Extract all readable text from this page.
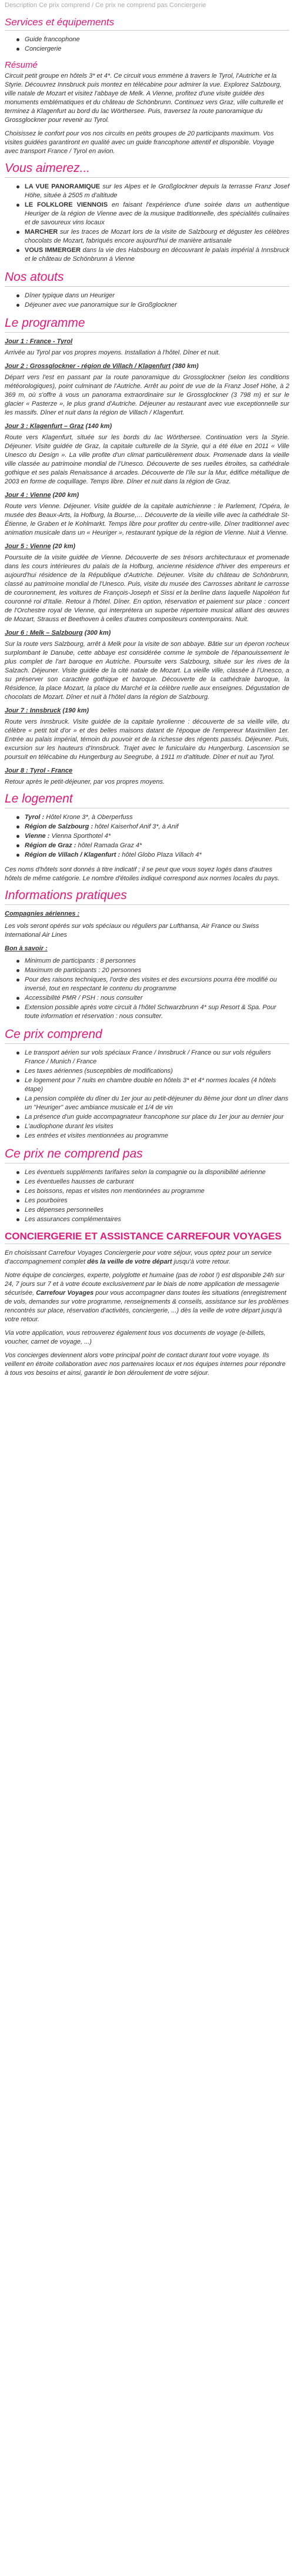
Description Ce prix comprend / Ce prix ne comprend pas Conciergerie
Services et équipements
Guide francophone
Conciergerie
Résumé

Circuit petit groupe en hôtels 3* et 4*. Ce circuit vous emmène à travers le Tyrol, l'Autriche et la Styrie. Découvrez Innsbruck puis montez en télécabine pour admirer la vue. Explorez Salzbourg, ville natale de Mozart et visitez l'abbaye de Melk. A Vienne, profitez d'une visite guidée des monuments emblématiques et du château de Schönbrunn. Continuez vers Graz, ville culturelle et terminez à Klagenfurt au bord du lac Wörthersee. Puis, traversez la route panoramique du Grossglockner pour revenir au Tyrol.

Choisissez le confort pour vos nos circuits en petits groupes de 20 participants maximum. Vos visites guidées garantiront en qualité avec un guide francophone attentif et disponible. Voyage avec transport France / Tyrol en avion.

Vous aimerez...
LA VUE PANORAMIQUE sur les Alpes et le Großglockner depuis la terrasse Franz Josef Höhe, située à 2505 m d'altitude
LE FOLKLORE VIENNOIS en faisant l'expérience d'une soirée dans un authentique Heuriger de la région de Vienne avec de la musique traditionnelle, des spécialités culinaires et de savoureux vins locaux
MARCHER sur les traces de Mozart lors de la visite de Salzbourg et déguster les célèbres chocolats de Mozart, fabriqués encore aujourd'hui de manière artisanale
VOUS IMMERGER dans la vie des Habsbourg en découvrant le palais impérial à Innsbruck et le château de Schönbrunn à Vienne
Nos atouts
Dîner typique dans un Heuriger
Déjeuner avec vue panoramique sur le Großglockner
Le programme
Jour 1 : France - Tyrol

Arrivée au Tyrol par vos propres moyens. Installation à l'hôtel. Dîner et nuit.

Jour 2 : Grossglockner - région de Villach / Klagenfurt (380 km)

Départ vers l'est en passant par la route panoramique du Grossglockner (selon les conditions météorologiques), point culminant de l'Autriche. Arrêt au point de vue de la Franz Josef Höhe, à 2 369 m, où s'offre à vous un panorama extraordinaire sur le Grossglockner (3 798 m) et sur le glacier « Pasterze », le plus grand d'Autriche. Déjeuner au restaurant avec vue exceptionnelle sur les massifs. Dîner et nuit dans la région de Villach / Klagenfurt.

Jour 3 : Klagenfurt – Graz (140 km)

Route vers Klagenfurt, située sur les bords du lac Wörthersee. Continuation vers la Styrie. Déjeuner. Visite guidée de Graz, la capitale culturelle de la Styrie, qui a été élue en 2011 « Ville Unesco du Design ». La ville profite d'un climat particulièrement doux. Promenade dans la vieille ville classée au patrimoine mondial de l'Unesco. Découverte de ses ruelles étroites, sa cathédrale gothique et ses palais Renaissance à arcades. Découverte de l'île sur la Mur, édifice métallique de 2003 en forme de coquillage. Temps libre. Dîner et nuit dans la région de Graz.

Jour 4 : Vienne (200 km)

Route vers Vienne. Déjeuner. Visite guidée de la capitale autrichienne : le Parlement, l'Opéra, le musée des Beaux-Arts, la Hofburg, la Bourse,… Découverte de la vieille ville avec la cathédrale St-Étienne, le Graben et le Kohlmarkt. Temps libre pour profiter du centre-ville. Dîner traditionnel avec animation musicale dans un « Heuriger », restaurant typique de la région de Vienne. Nuit à Vienne.

Jour 5 : Vienne (20 km)

Poursuite de la visite guidée de Vienne. Découverte de ses trésors architecturaux et promenade dans les cours intérieures du palais de la Hofburg, ancienne résidence d'hiver des empereurs et aujourd'hui résidence de la République d'Autriche. Déjeuner. Visite du château de Schönbrunn, classé au patrimoine mondial de l'Unesco. Puis, visite du musée des Carrosses abritant le carrosse de couronnement, les voitures de François-Joseph et Sissi et la berline dans laquelle Napoléon fut couronné roi d'Italie. Retour à l'hôtel. Dîner. En option, réservation et paiement sur place : concert de l'Orchestre royal de Vienne, qui interprétera un superbe répertoire musical alliant des œuvres de Mozart, Strauss et Beethoven à celles d'autres compositeurs contemporains. Nuit.

Jour 6 : Melk – Salzbourg (300 km)

Sur la route vers Salzbourg, arrêt à Melk pour la visite de son abbaye. Bâtie sur un éperon rocheux surplombant le Danube, cette abbaye est considérée comme le symbole de l'épanouissement le plus complet de l'art baroque en Autriche. Poursuite vers Salzbourg, située sur les rives de la Salzach. Déjeuner. Visite guidée de la cité natale de Mozart. La vieille ville, classée à l'Unesco, a su préserver son caractère gothique et baroque. Découverte de la cathédrale baroque, la Résidence, la place Mozart, la place du Marché et la célèbre ruelle aux enseignes. Dégustation de chocolats de Mozart. Dîner et nuit à l'hôtel dans la région de Salzbourg.

Jour 7 : Innsbruck (190 km)

Route vers Innsbruck. Visite guidée de la capitale tyrolienne : découverte de sa vieille ville, du célèbre « petit toit d'or » et des belles maisons datant de l'époque de l'empereur Maximilien 1er. Entrée au palais impérial, témoin du pouvoir et de la richesse des régents passés. Déjeuner. Puis, excursion sur les hauteurs d'Innsbruck. Trajet avec le funiculaire du Hungerburg. Lascension se poursuit en télécabine du Hungerburg au Seegrube, à 1911 m d'altitude. Dîner et nuit au Tyrol.

Jour 8 : Tyrol - France

Retour après le petit-déjeuner, par vos propres moyens.

Le logement
Tyrol : Hôtel Krone 3*, à Oberperfuss
Région de Salzbourg : hôtel Kaiserhof Anif 3*, à Anif
Vienne : Vienna Sporthotel 4*
Région de Graz : hôtel Ramada Graz 4*
Région de Villach / Klagenfurt : hôtel Globo Plaza Villach 4*

Ces noms d'hôtels sont donnés à titre indicatif ; il se peut que vous soyez logés dans d'autres hôtels de même catégorie. Le nombre d'étoiles indiqué correspond aux normes locales du pays.

Informations pratiques
Compagnies aériennes :

Les vols seront opérés sur vols spéciaux ou réguliers par Lufthansa, Air France ou Swiss International Air Lines

Bon à savoir :
Minimum de participants : 8 personnes
Maximum de participants : 20 personnes
Pour des raisons techniques, l'ordre des visites et des excursions pourra être modifié ou inversé, tout en respectant le contenu du programme
Accessibilité PMR / PSH : nous consulter
Extension possible après votre circuit à l'hôtel Schwarzbrunn 4* sup Resort & Spa. Pour toute information et réservation : nous consulter.
Ce prix comprend
Le transport aérien sur vols spéciaux France / Innsbruck / France ou sur vols réguliers France / Munich / France
Les taxes aériennes (susceptibles de modifications)
Le logement pour 7 nuits en chambre double en hôtels 3* et 4* normes locales (4 hôtels étape)
La pension complète du dîner du 1er jour au petit-déjeuner du 8ème jour dont un dîner dans un "Heuriger" avec ambiance musicale et 1/4 de vin
La présence d'un guide accompagnateur francophone sur place du 1er jour au dernier jour
L'audiophone durant les visites
Les entrées et visites mentionnées au programme
Ce prix ne comprend pas
Les éventuels suppléments tarifaires selon la compagnie ou la disponibilité aérienne
Les éventuelles hausses de carburant
Les boissons, repas et visites non mentionnées au programme
Les pourboires
Les dépenses personnelles
Les assurances complémentaires
CONCIERGERIE ET ASSISTANCE CARREFOUR VOYAGES

En choisissant Carrefour Voyages Conciergerie pour votre séjour, vous optez pour un service d'accompagnement complet dès la veille de votre départ jusqu'à votre retour.

Notre équipe de concierges, experte, polyglotte et humaine (pas de robot !) est disponible 24h sur 24, 7 jours sur 7 et à votre écoute exclusivement par le biais de notre application de messagerie sécurisée, Carrefour Voyages pour vous accompagner dans toutes les situations (enregistrement de vols, demandes sur votre programme, renseignements & conseils, assistance sur les problèmes rencontrés sur place, réservation d'activités, conciergerie, ...) dès la veille de votre départ jusqu'à votre retour.

Via votre application, vous retrouverez également tous vos documents de voyage (e-billets, voucher, carnet de voyage, ...)

Vos concierges deviennent alors votre principal point de contact durant tout votre voyage. Ils veillent en étroite collaboration avec nos partenaires locaux et nos équipes internes pour répondre à tous vos besoins et ainsi, garantir le bon déroulement de votre séjour.
